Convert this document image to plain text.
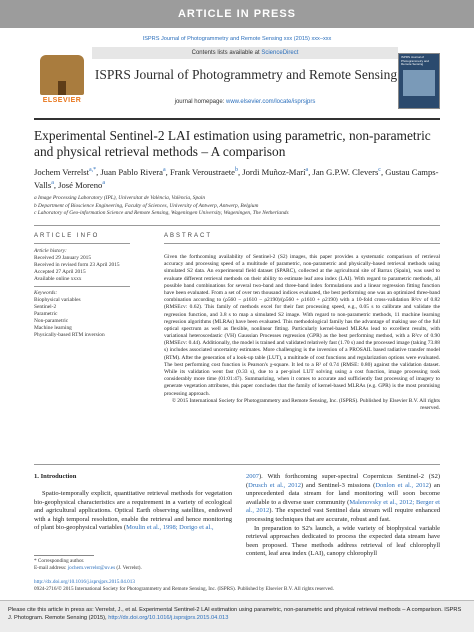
ARTICLE IN PRESS
ISPRS Journal of Photogrammetry and Remote Sensing xxx (2015) xxx–xxx
ELSEVIER
Contents lists available at ScienceDirect
ISPRS Journal of Photogrammetry and Remote Sensing
journal homepage: www.elsevier.com/locate/isprsjprs
ISPRS Journal of Photogrammetry and Remote Sensing
Experimental Sentinel-2 LAI estimation using parametric, non-parametric and physical retrieval methods – A comparison
Jochem Verrelst$^{a,*}$, Juan Pablo Rivera$^a$, Frank Veroustraete$^b$, Jordi Muñoz-Marí$^a$, Jan G.P.W. Clevers$^c$, Gustau Camps-Valls$^a$, José Moreno$^a$
a Image Processing Laboratory (IPL), Universitat de València, València, Spain
b Department of Bioscience Engineering, Faculty of Sciences, University of Antwerp, Antwerp, Belgium
c Laboratory of Geo-information Science and Remote Sensing, Wageningen University, Wageningen, The Netherlands
ARTICLE INFO	ABSTRACT
Article history:
Received 29 January 2015
Received in revised form 23 April 2015
Accepted 27 April 2015
Available online xxxx
Keywords:
Biophysical variables
Sentinel-2
Parametric
Non-parametric
Machine learning
Physically-based RTM inversion
Given the forthcoming availability of Sentinel-2 (S2) images, this paper provides a systematic comparison of retrieval accuracy and processing speed of a multitude of parametric, non-parametric and physically-based retrieval methods using simulated S2 data. An experimental field dataset (SPARC), collected at the agricultural site of Barrax (Spain), was used to evaluate different retrieval methods on their ability to estimate leaf area index (LAI). With regard to parametric methods, all possible band combinations for several two-band and three-band index formulations and a linear regression fitting function have been evaluated. From a set of over ten thousand indices evaluated, the best performing one was an optimized three-band combination according to (ρ560 − ρ1610 − ρ2190)/(ρ560 + ρ1610 + ρ2190) with a 10-fold cross-validation R²cv of 0.82 (RMSEcv: 0.62). This family of methods excel for their fast processing speed, e.g., 0.05 s to calibrate and validate the regression function, and 3.8 s to map a simulated S2 image. With regard to non-parametric methods, 11 machine learning regression algorithms (MLRAs) have been evaluated. This methodological family has the advantage of making use of the full optical spectrum as well as flexible, nonlinear fitting. Particularly kernel-based MLRAs lead to excellent results, with variational heteroscedastic (VH) Gaussian Processes regression (GPR) as the best performing method, with a R²cv of 0.90 (RMSEcv: 0.44). Additionally, the model is trained and validated relatively fast (1.70 s) and the processed image (taking 73.88 s) includes associated uncertainty estimates. More challenging is the inversion of a PROSAIL based radiative transfer model (RTM). After the generation of a look-up table (LUT), a multitude of cost functions and regularization options were evaluated. The best performing cost function is Pearson's χ-square. It led to a R² of 0.74 (RMSE: 0.80) against the validation dataset. While its validation went fast (0.33 s), due to a per-pixel LUT solving using a cost function, image processing took considerably more time (01:01:47). Summarizing, when it comes to accurate and sufficiently fast processing of imagery to generate vegetation attributes, this paper concludes that the family of kernel-based MLRAs (e.g. GPR) is the most promising processing approach.
© 2015 International Society for Photogrammetry and Remote Sensing, Inc. (ISPRS). Published by Elsevier B.V. All rights reserved.
1. Introduction
Spatio-temporally explicit, quantitative retrieval methods for vegetation bio-geophysical characteristics are a requirement in a variety of ecological and agricultural applications. Optical Earth observing satellites, endowed with a high temporal resolution, enable the retrieval and hence monitoring of plant bio-geophysical variables (Moulin et al., 1998; Dorigo et al.,
2007). With forthcoming super-spectral Copernicus Sentinel-2 (S2) (Drusch et al., 2012) and Sentinel-3 missions (Donlon et al., 2012) an unprecedented data stream for land monitoring will soon become available to a diverse user community (Malenovsky et al., 2012; Berger et al., 2012). The expected vast Sentinel data stream will require enhanced processing techniques that are accurate, robust and fast.
In preparation to S2's launch, a wide variety of biophysical variable retrieval approaches dedicated to process the expected data stream have been proposed. These methods address retrieval of leaf chlorophyll content, leaf area index (LAI), canopy chlorophyll
* Corresponding author.
E-mail address: jochem.verrelst@uv.es (J. Verrelst).
http://dx.doi.org/10.1016/j.isprsjprs.2015.04.013
0924-2716/© 2015 International Society for Photogrammetry and Remote Sensing, Inc. (ISPRS). Published by Elsevier B.V. All rights reserved.
Please cite this article in press as: Verrelst, J., et al. Experimental Sentinel-2 LAI estimation using parametric, non-parametric and physical retrieval methods – A comparison. ISPRS J. Photogram. Remote Sensing (2015), http://dx.doi.org/10.1016/j.isprsjprs.2015.04.013
